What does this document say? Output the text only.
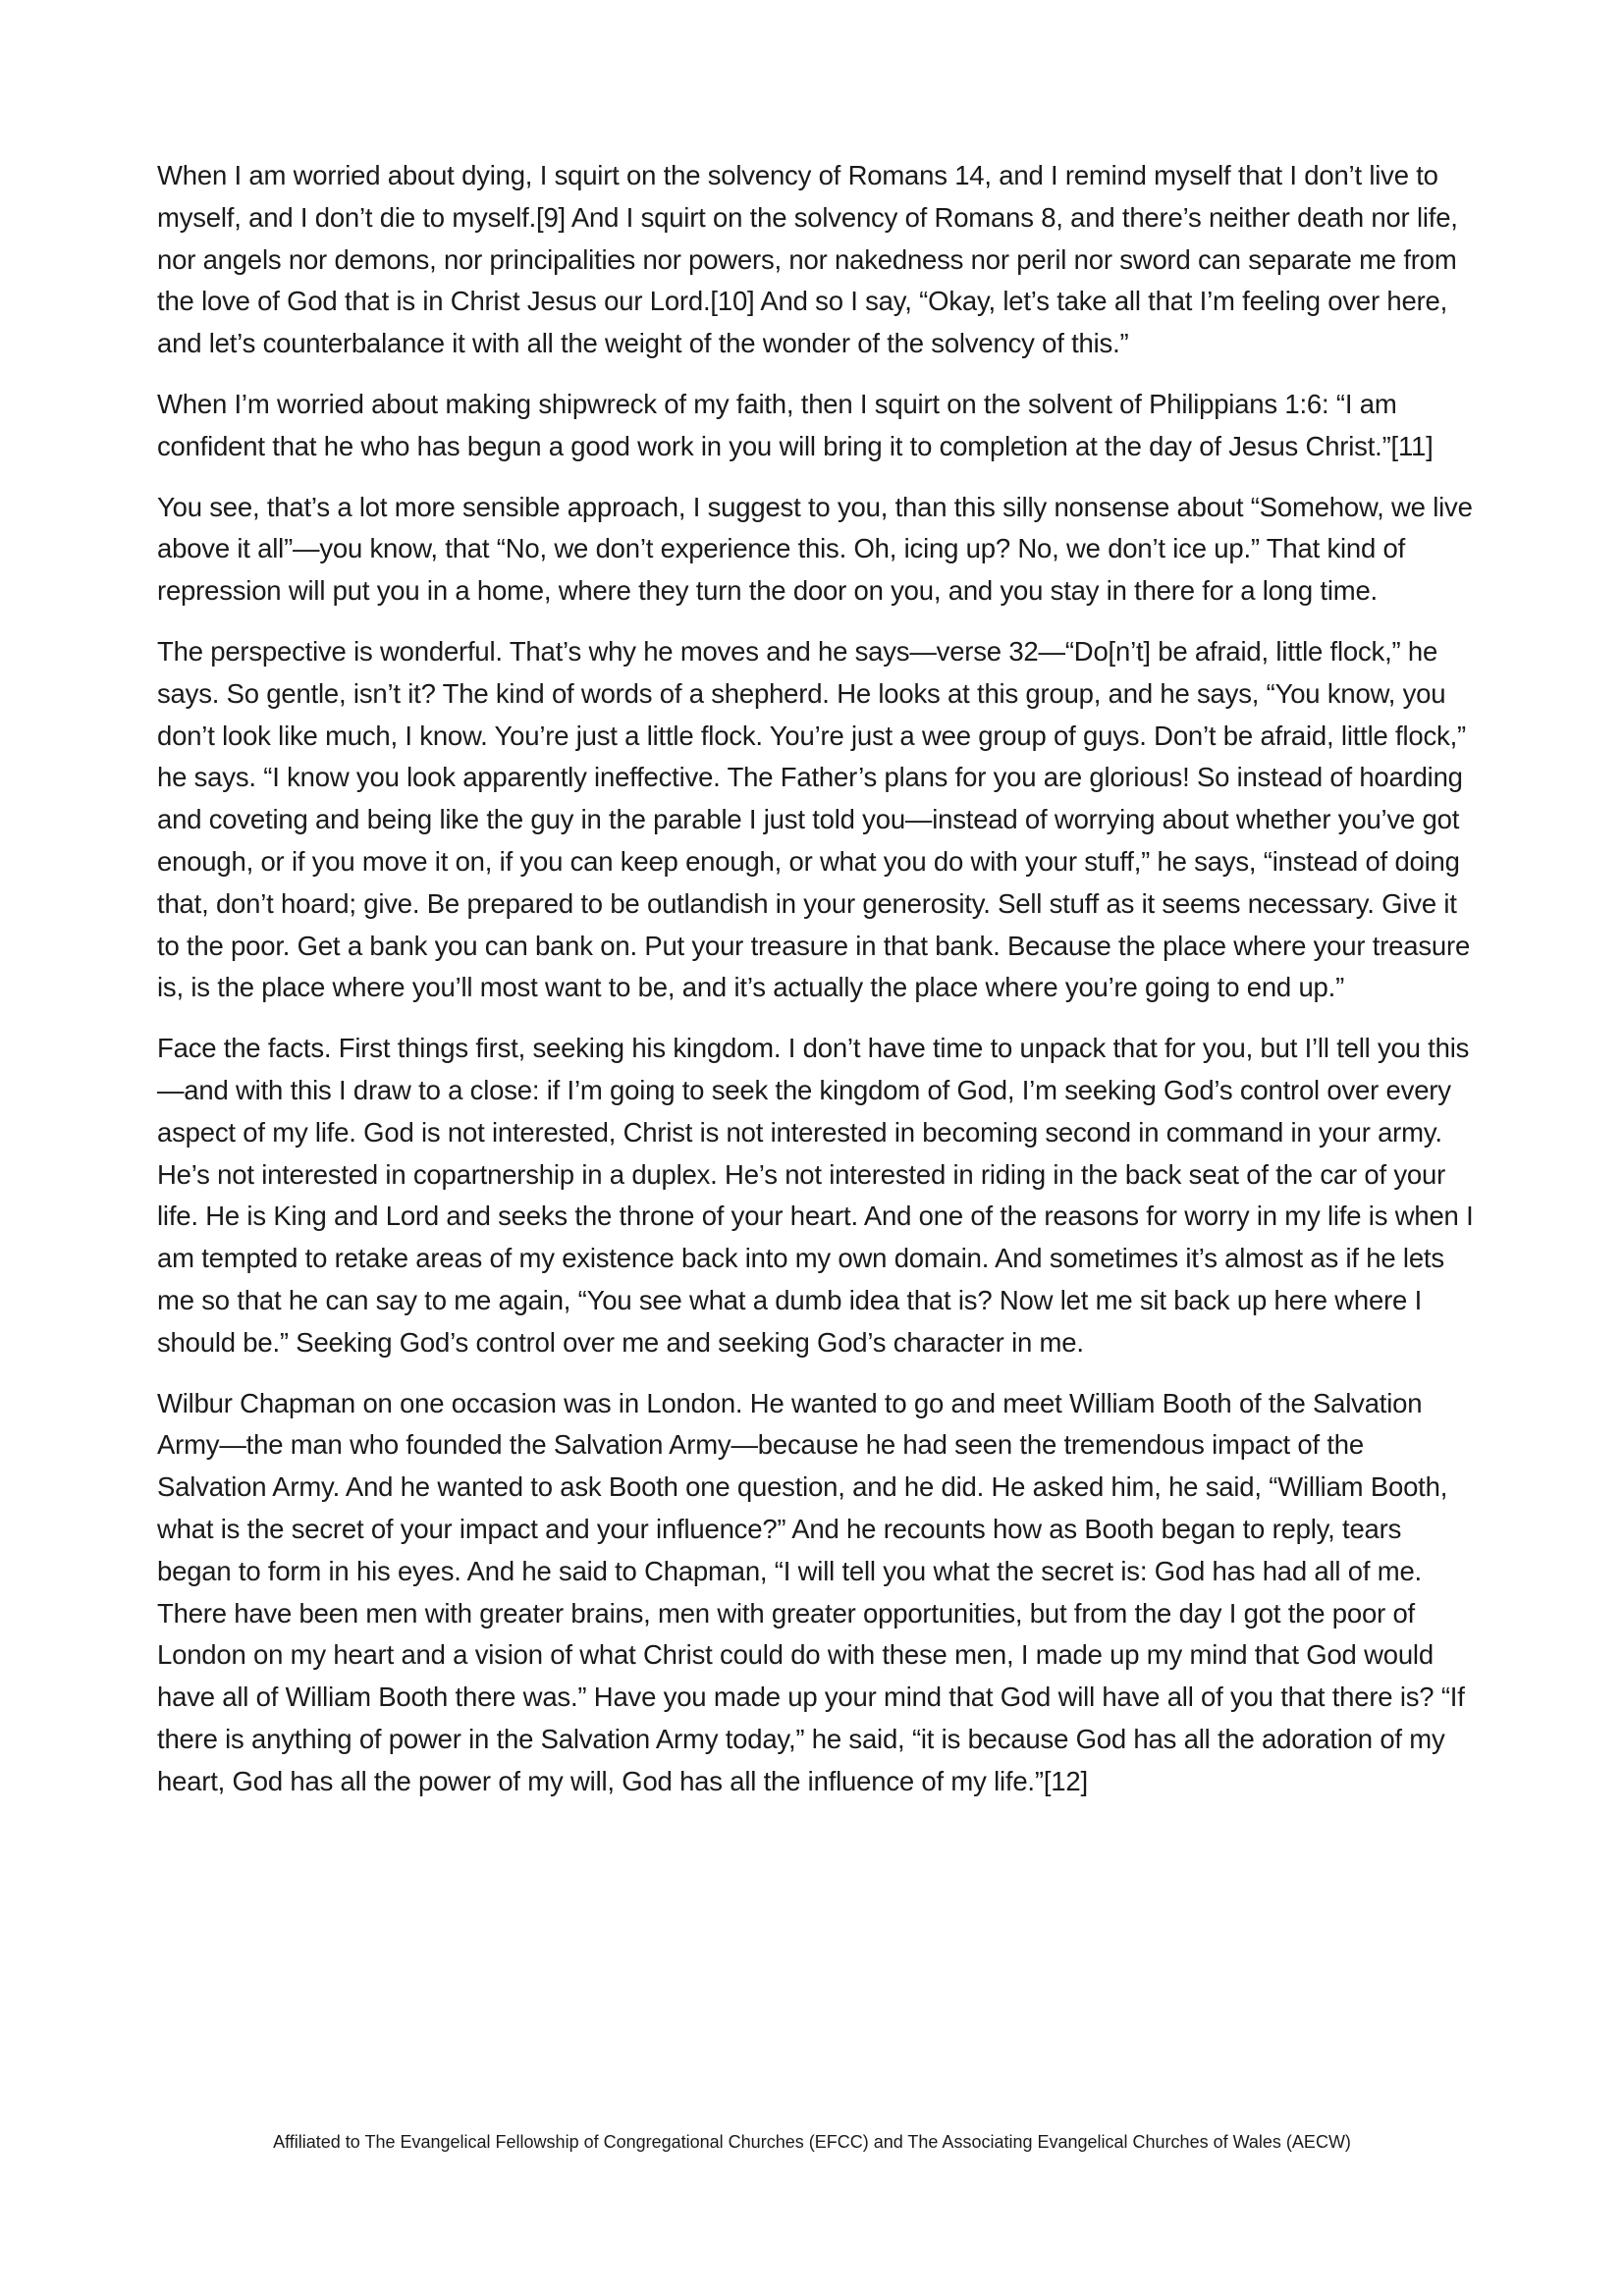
When I am worried about dying, I squirt on the solvency of Romans 14, and I remind myself that I don’t live to myself, and I don’t die to myself.[9] And I squirt on the solvency of Romans 8, and there’s neither death nor life, nor angels nor demons, nor principalities nor powers, nor nakedness nor peril nor sword can separate me from the love of God that is in Christ Jesus our Lord.[10] And so I say, “Okay, let’s take all that I’m feeling over here, and let’s counterbalance it with all the weight of the wonder of the solvency of this.”

When I’m worried about making shipwreck of my faith, then I squirt on the solvent of Philippians 1:6: “I am confident that he who has begun a good work in you will bring it to completion at the day of Jesus Christ.”[11]

You see, that’s a lot more sensible approach, I suggest to you, than this silly nonsense about “Somehow, we live above it all”—you know, that “No, we don’t experience this. Oh, icing up? No, we don’t ice up.” That kind of repression will put you in a home, where they turn the door on you, and you stay in there for a long time.

The perspective is wonderful. That’s why he moves and he says—verse 32—“Do[n’t] be afraid, little flock,” he says. So gentle, isn’t it? The kind of words of a shepherd. He looks at this group, and he says, “You know, you don’t look like much, I know. You’re just a little flock. You’re just a wee group of guys. Don’t be afraid, little flock,” he says. “I know you look apparently ineffective. The Father’s plans for you are glorious! So instead of hoarding and coveting and being like the guy in the parable I just told you—instead of worrying about whether you’ve got enough, or if you move it on, if you can keep enough, or what you do with your stuff,” he says, “instead of doing that, don’t hoard; give. Be prepared to be outlandish in your generosity. Sell stuff as it seems necessary. Give it to the poor. Get a bank you can bank on. Put your treasure in that bank. Because the place where your treasure is, is the place where you’ll most want to be, and it’s actually the place where you’re going to end up.”

Face the facts. First things first, seeking his kingdom. I don’t have time to unpack that for you, but I’ll tell you this—and with this I draw to a close: if I’m going to seek the kingdom of God, I’m seeking God’s control over every aspect of my life. God is not interested, Christ is not interested in becoming second in command in your army. He’s not interested in copartnership in a duplex. He’s not interested in riding in the back seat of the car of your life. He is King and Lord and seeks the throne of your heart. And one of the reasons for worry in my life is when I am tempted to retake areas of my existence back into my own domain. And sometimes it’s almost as if he lets me so that he can say to me again, “You see what a dumb idea that is? Now let me sit back up here where I should be.” Seeking God’s control over me and seeking God’s character in me.

Wilbur Chapman on one occasion was in London. He wanted to go and meet William Booth of the Salvation Army—the man who founded the Salvation Army—because he had seen the tremendous impact of the Salvation Army. And he wanted to ask Booth one question, and he did. He asked him, he said, “William Booth, what is the secret of your impact and your influence?” And he recounts how as Booth began to reply, tears began to form in his eyes. And he said to Chapman, “I will tell you what the secret is: God has had all of me. There have been men with greater brains, men with greater opportunities, but from the day I got the poor of London on my heart and a vision of what Christ could do with these men, I made up my mind that God would have all of William Booth there was.” Have you made up your mind that God will have all of you that there is? “If there is anything of power in the Salvation Army today,” he said, “it is because God has all the adoration of my heart, God has all the power of my will, God has all the influence of my life.”[12]

Affiliated to The Evangelical Fellowship of Congregational Churches (EFCC) and The Associating Evangelical Churches of Wales (AECW)
